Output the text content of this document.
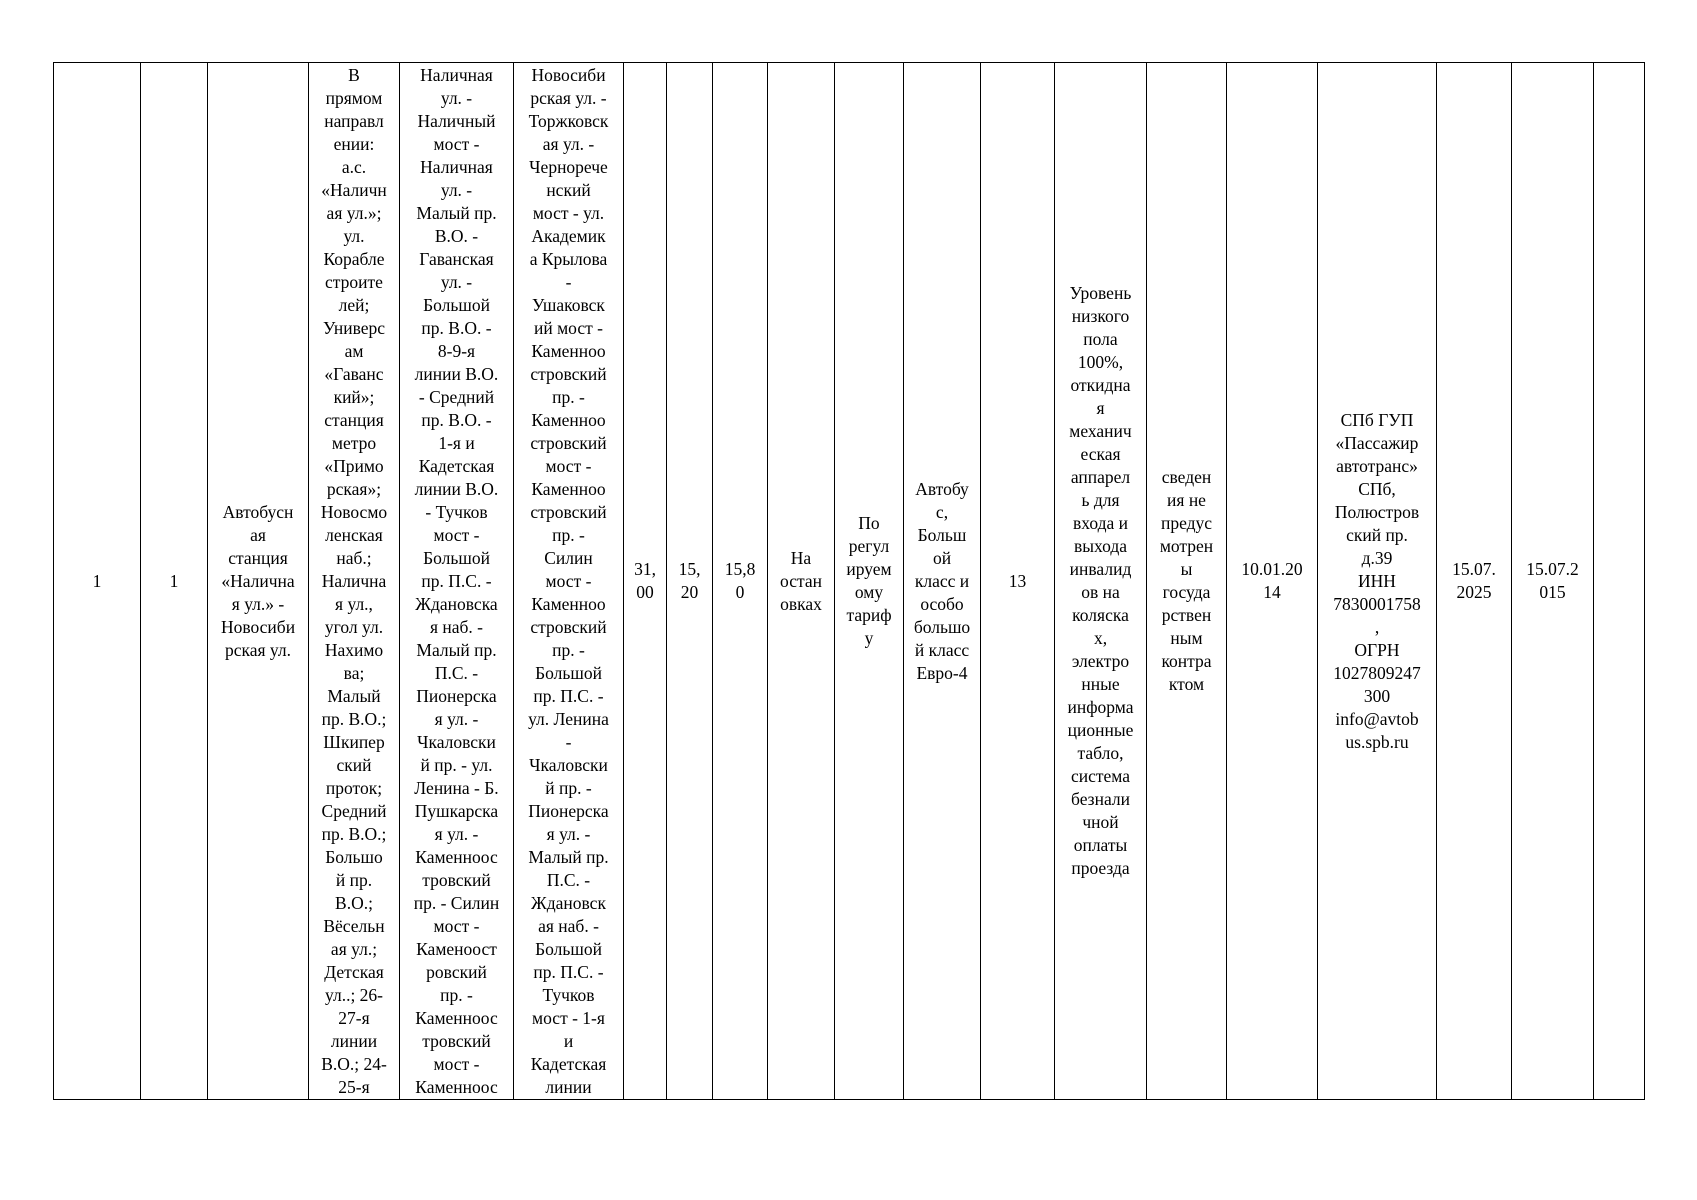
1	1	Автобусн
ая
станция
«Налична
я ул.» -
Новосиби
рская ул.	В
прямом
направл
ении:
а.с.
«Наличн
ая ул.»;
ул.
Корабле
строите
лей;
Универс
ам
«Гаванс
кий»;
станция
метро
«Примо
рская»;
Новосмо
ленская
наб.;
Налична
я ул.,
угол ул.
Нахимо
ва;
Малый
пр. В.О.;
Шкипер
ский
проток;
Средний
пр. В.О.;
Большо
й пр.
В.О.;
Вёсельн
ая ул.;
Детская
ул..; 26-
27-я
линии
В.О.; 24-
25-я	Наличная
ул. -
Наличный
мост -
Наличная
ул. -
Малый пр.
В.О. -
Гаванская
ул. -
Большой
пр. В.О. -
8-9-я
линии В.О.
- Средний
пр. В.О. -
1-я и
Кадетская
линии В.О.
- Тучков
мост -
Большой
пр. П.С. -
Ждановска
я наб. -
Малый пр.
П.С. -
Пионерска
я ул. -
Чкаловски
й пр. - ул.
Ленина - Б.
Пушкарска
я ул. -
Каменноос
тровский
пр. - Силин
мост -
Каменоост
ровский
пр. -
Каменноос
тровский
мост -
Каменноос	Новосиби
рская ул. -
Торжковск
ая ул. -
Черноречe
нский
мост - ул.
Академик
а Крылова
-
Ушаковск
ий мост -
Каменноо
стровский
пр. -
Каменноо
стровский
мост -
Каменноо
стровский
пр. -
Силин
мост -
Каменноо
стровский
пр. -
Большой
пр. П.С. -
ул. Ленина
-
Чкаловски
й пр. -
Пионерска
я ул. -
Малый пр.
П.С. -
Ждановск
ая наб. -
Большой
пр. П.С. -
Тучков
мост - 1-я
и
Кадетская
линии	31,
00	15,
20	15,8
0	На
остан
овках	По
регул
ируем
ому
тариф
у	Автобу
с,
Больш
ой
класс и
особо
большо
й класс
Евро-4	13	Уровень
низкого
пола
100%,
откидна
я
механич
еская
аппарел
ь для
входа и
выхода
инвалид
ов на
коляска
х,
электро
нные
информа
ционные
табло,
система
безнали
чной
оплаты
проезда	сведен
ия не
предус
мотрен
ы
госуда
рствен
ным
контра
ктом	10.01.20
14	СПб ГУП
«Пассажир
автотранс»
СПб,
Полюстров
ский пр.
д.39
ИНН
7830001758
,
ОГРН
1027809247
300
info@avtob
us.spb.ru	15.07.
2025	15.07.2
015	
